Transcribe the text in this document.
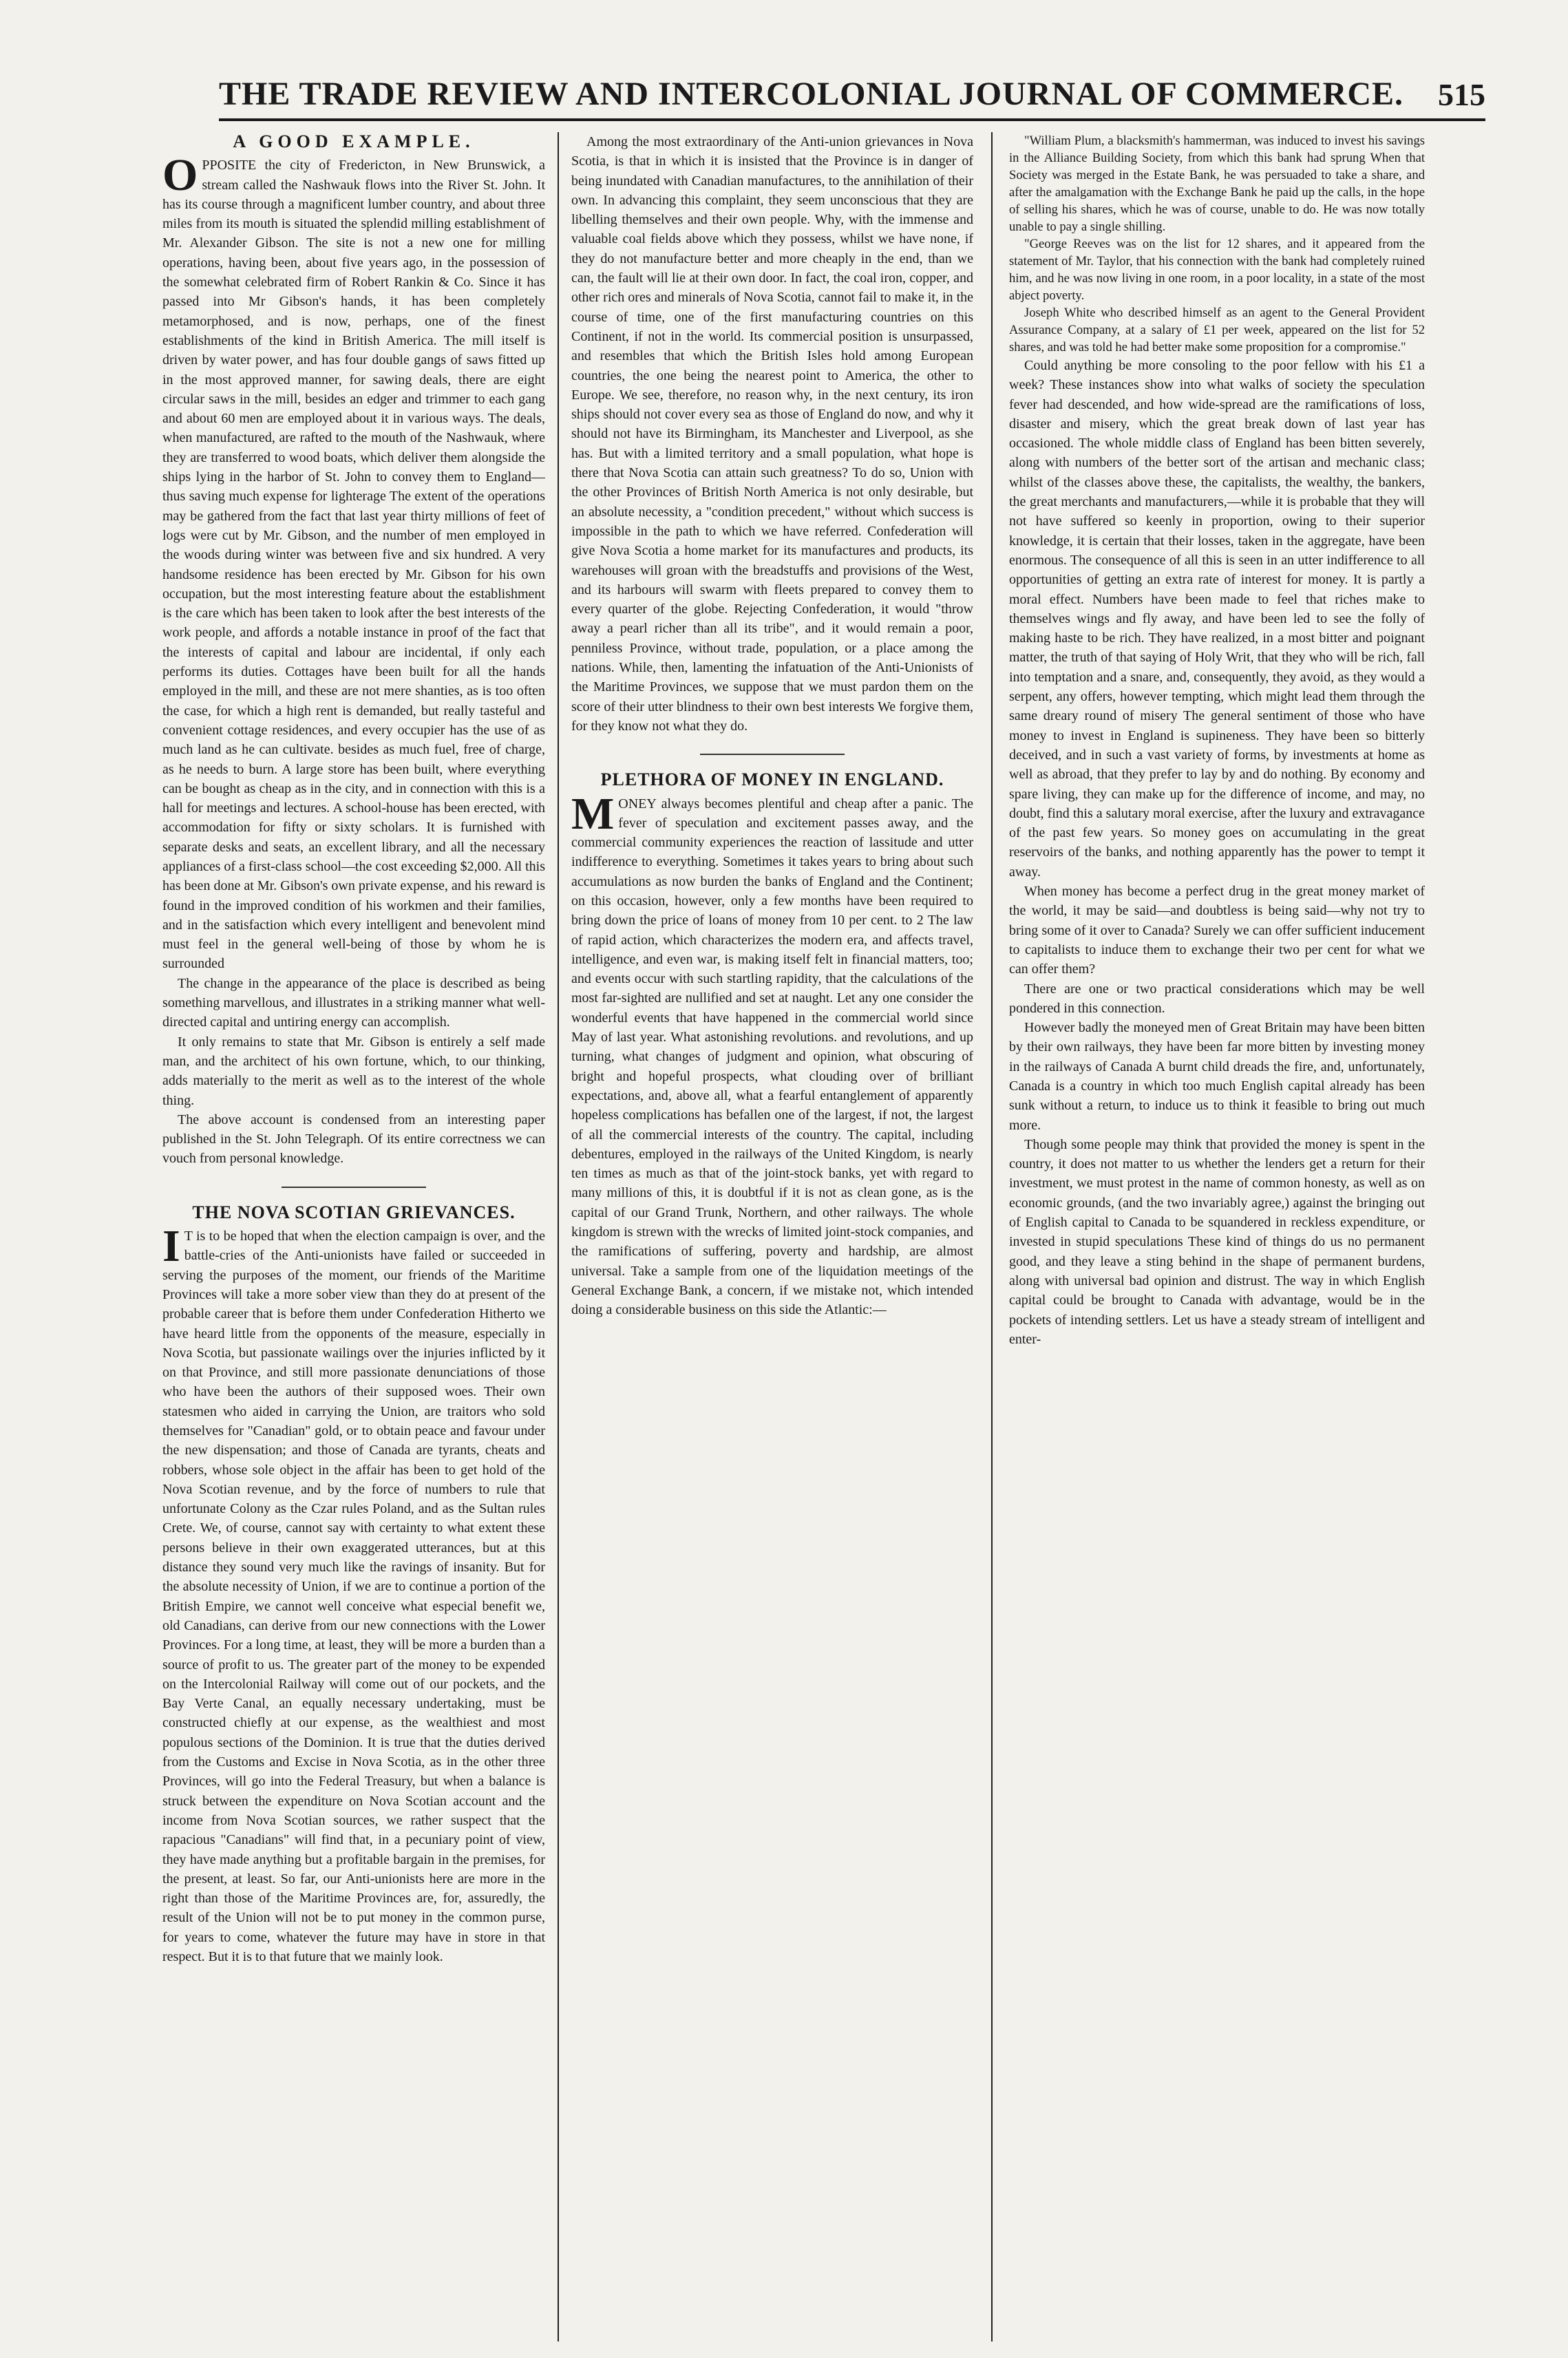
THE TRADE REVIEW AND INTERCOLONIAL JOURNAL OF COMMERCE. 515
A GOOD EXAMPLE.

OPPOSITE the city of Fredericton, in New Brunswick, a stream called the Nashwauk flows into the River St. John. It has its course through a magnificent lumber country, and about three miles from its mouth is situated the splendid milling establishment of Mr. Alexander Gibson. The site is not a new one for milling operations, having been, about five years ago, in the possession of the somewhat celebrated firm of Robert Rankin & Co. Since it has passed into Mr Gibson's hands, it has been completely metamorphosed, and is now, perhaps, one of the finest establishments of the kind in British America. The mill itself is driven by water power, and has four double gangs of saws fitted up in the most approved manner, for sawing deals, there are eight circular saws in the mill, besides an edger and trimmer to each gang and about 60 men are employed about it in various ways. The deals, when manufactured, are rafted to the mouth of the Nashwauk, where they are transferred to wood boats, which deliver them alongside the ships lying in the harbor of St. John to convey them to England—thus saving much expense for lighterage The extent of the operations may be gathered from the fact that last year thirty millions of feet of logs were cut by Mr. Gibson, and the number of men employed in the woods during winter was between five and six hundred. A very handsome residence has been erected by Mr. Gibson for his own occupation, but the most interesting feature about the establishment is the care which has been taken to look after the best interests of the work people, and affords a notable instance in proof of the fact that the interests of capital and labour are incidental, if only each performs its duties. Cottages have been built for all the hands employed in the mill, and these are not mere shanties, as is too often the case, for which a high rent is demanded, but really tasteful and convenient cottage residences, and every occupier has the use of as much land as he can cultivate. besides as much fuel, free of charge, as he needs to burn. A large store has been built, where everything can be bought as cheap as in the city, and in connection with this is a hall for meetings and lectures. A school-house has been erected, with accommodation for fifty or sixty scholars. It is furnished with separate desks and seats, an excellent library, and all the necessary appliances of a first-class school—the cost exceeding $2,000. All this has been done at Mr. Gibson's own private expense, and his reward is found in the improved condition of his workmen and their families, and in the satisfaction which every intelligent and benevolent mind must feel in the general well-being of those by whom he is surrounded

The change in the appearance of the place is described as being something marvellous, and illustrates in a striking manner what well-directed capital and untiring energy can accomplish.

It only remains to state that Mr. Gibson is entirely a self made man, and the architect of his own fortune, which, to our thinking, adds materially to the merit as well as to the interest of the whole thing.

The above account is condensed from an interesting paper published in the St. John Telegraph. Of its entire correctness we can vouch from personal knowledge.

THE NOVA SCOTIAN GRIEVANCES.

I T is to be hoped that when the election campaign is over, and the battle-cries of the Anti-unionists have failed or succeeded in serving the purposes of the moment, our friends of the Maritime Provinces will take a more sober view than they do at present of the probable career that is before them under Confederation Hitherto we have heard little from the opponents of the measure, especially in Nova Scotia, but passionate wailings over the injuries inflicted by it on that Province, and still more passionate denunciations of those who have been the authors of their supposed woes. Their own statesmen who aided in carrying the Union, are traitors who sold themselves for "Canadian" gold, or to obtain peace and favour under the new dispensation; and those of Canada are tyrants, cheats and robbers, whose sole object in the affair has been to get hold of the Nova Scotian revenue, and by the force of numbers to rule that unfortunate Colony as the Czar rules Poland, and as the Sultan rules Crete. We, of course, cannot say with certainty to what extent these persons believe in their own exaggerated utterances, but at this distance they sound very much like the ravings of insanity. But for the absolute necessity of Union, if we are to continue a portion of the British Empire, we cannot well conceive what especial benefit we, old Canadians, can derive from our new connections with the Lower Provinces. For a long time, at least, they will be more a burden than a source of profit to us. The greater part of the money to be expended on the Intercolonial Railway will come out of our pockets, and the Bay Verte Canal, an equally necessary undertaking, must be constructed chiefly at our expense, as the wealthiest and most populous sections of the Dominion. It is true that the duties derived from the Customs and Excise in Nova Scotia, as in the other three Provinces, will go into the Federal Treasury, but when a balance is struck between the expenditure on Nova Scotian account and the income from Nova Scotian sources, we rather suspect that the rapacious "Canadians" will find that, in a pecuniary point of view, they have made anything but a profitable bargain in the premises, for the present, at least. So far, our Anti-unionists here are more in the right than those of the Maritime Provinces are, for, assuredly, the result of the Union will not be to put money in the common purse, for years to come, whatever the future may have in store in that respect. But it is to that future that we mainly look.

Among the most extraordinary of the Anti-union grievances in Nova Scotia, is that in which it is insisted that the Province is in danger of being inundated with Canadian manufactures, to the annihilation of their own. In advancing this complaint, they seem unconscious that they are libelling themselves and their own people. Why, with the immense and valuable coal fields above which they possess, whilst we have none, if they do not manufacture better and more cheaply in the end, than we can, the fault will lie at their own door. In fact, the coal iron, copper, and other rich ores and minerals of Nova Scotia, cannot fail to make it, in the course of time, one of the first manufacturing countries on this Continent, if not in the world. Its commercial position is unsurpassed, and resembles that which the British Isles hold among European countries, the one being the nearest point to America, the other to Europe. We see, therefore, no reason why, in the next century, its iron ships should not cover every sea as those of England do now, and why it should not have its Birmingham, its Manchester and Liverpool, as she has. But with a limited territory and a small population, what hope is there that Nova Scotia can attain such greatness? To do so, Union with the other Provinces of British North America is not only desirable, but an absolute necessity, a "condition precedent," without which success is impossible in the path to which we have referred. Confederation will give Nova Scotia a home market for its manufactures and products, its warehouses will groan with the breadstuffs and provisions of the West, and its harbours will swarm with fleets prepared to convey them to every quarter of the globe. Rejecting Confederation, it would "throw away a pearl richer than all its tribe", and it would remain a poor, penniless Province, without trade, population, or a place among the nations. While, then, lamenting the infatuation of the Anti-Unionists of the Maritime Provinces, we suppose that we must pardon them on the score of their utter blindness to their own best interests We forgive them, for they know not what they do.

PLETHORA OF MONEY IN ENGLAND.

MONEY always becomes plentiful and cheap after a panic. The fever of speculation and excitement passes away, and the commercial community experiences the reaction of lassitude and utter indifference to everything. Sometimes it takes years to bring about such accumulations as now burden the banks of England and the Continent; on this occasion, however, only a few months have been required to bring down the price of loans of money from 10 per cent. to 2 The law of rapid action, which characterizes the modern era, and affects travel, intelligence, and even war, is making itself felt in financial matters, too; and events occur with such startling rapidity, that the calculations of the most far-sighted are nullified and set at naught. Let any one consider the wonderful events that have happened in the commercial world since May of last year. What astonishing revolutions. and revolutions, and up turning, what changes of judgment and opinion, what obscuring of bright and hopeful prospects, what clouding over of brilliant expectations, and, above all, what a fearful entanglement of apparently hopeless complications has befallen one of the largest, if not, the largest of all the commercial interests of the country. The capital, including debentures, employed in the railways of the United Kingdom, is nearly ten times as much as that of the joint-stock banks, yet with regard to many millions of this, it is doubtful if it is not as clean gone, as is the capital of our Grand Trunk, Northern, and other railways. The whole kingdom is strewn with the wrecks of limited joint-stock companies, and the ramifications of suffering, poverty and hardship, are almost universal. Take a sample from one of the liquidation meetings of the General Exchange Bank, a concern, if we mistake not, which intended doing a considerable business on this side the Atlantic:—

"William Plum, a blacksmith's hammerman, was induced to invest his savings in the Alliance Building Society, from which this bank had sprung When that Society was merged in the Estate Bank, he was persuaded to take a share, and after the amalgamation with the Exchange Bank he paid up the calls, in the hope of selling his shares, which he was of course, unable to do. He was now totally unable to pay a single shilling.

"George Reeves was on the list for 12 shares, and it appeared from the statement of Mr. Taylor, that his connection with the bank had completely ruined him, and he was now living in one room, in a poor locality, in a state of the most abject poverty.

Joseph White who described himself as an agent to the General Provident Assurance Company, at a salary of £1 per week, appeared on the list for 52 shares, and was told he had better make some proposition for a compromise."

Could anything be more consoling to the poor fellow with his £1 a week? These instances show into what walks of society the speculation fever had descended, and how wide-spread are the ramifications of loss, disaster and misery, which the great break down of last year has occasioned. The whole middle class of England has been bitten severely, along with numbers of the better sort of the artisan and mechanic class; whilst of the classes above these, the capitalists, the wealthy, the bankers, the great merchants and manufacturers,—while it is probable that they will not have suffered so keenly in proportion, owing to their superior knowledge, it is certain that their losses, taken in the aggregate, have been enormous. The consequence of all this is seen in an utter indifference to all opportunities of getting an extra rate of interest for money. It is partly a moral effect. Numbers have been made to feel that riches make to themselves wings and fly away, and have been led to see the folly of making haste to be rich. They have realized, in a most bitter and poignant matter, the truth of that saying of Holy Writ, that they who will be rich, fall into temptation and a snare, and, consequently, they avoid, as they would a serpent, any offers, however tempting, which might lead them through the same dreary round of misery The general sentiment of those who have money to invest in England is supineness. They have been so bitterly deceived, and in such a vast variety of forms, by investments at home as well as abroad, that they prefer to lay by and do nothing. By economy and spare living, they can make up for the difference of income, and may, no doubt, find this a salutary moral exercise, after the luxury and extravagance of the past few years. So money goes on accumulating in the great reservoirs of the banks, and nothing apparently has the power to tempt it away.

When money has become a perfect drug in the great money market of the world, it may be said—and doubtless is being said—why not try to bring some of it over to Canada? Surely we can offer sufficient inducement to capitalists to induce them to exchange their two per cent for what we can offer them?

There are one or two practical considerations which may be well pondered in this connection.

However badly the moneyed men of Great Britain may have been bitten by their own railways, they have been far more bitten by investing money in the railways of Canada A burnt child dreads the fire, and, unfortunately, Canada is a country in which too much English capital already has been sunk without a return, to induce us to think it feasible to bring out much more.

Though some people may think that provided the money is spent in the country, it does not matter to us whether the lenders get a return for their investment, we must protest in the name of common honesty, as well as on economic grounds, (and the two invariably agree,) against the bringing out of English capital to Canada to be squandered in reckless expenditure, or invested in stupid speculations These kind of things do us no permanent good, and they leave a sting behind in the shape of permanent burdens, along with universal bad opinion and distrust. The way in which English capital could be brought to Canada with advantage, would be in the pockets of intending settlers. Let us have a steady stream of intelligent and enter-
